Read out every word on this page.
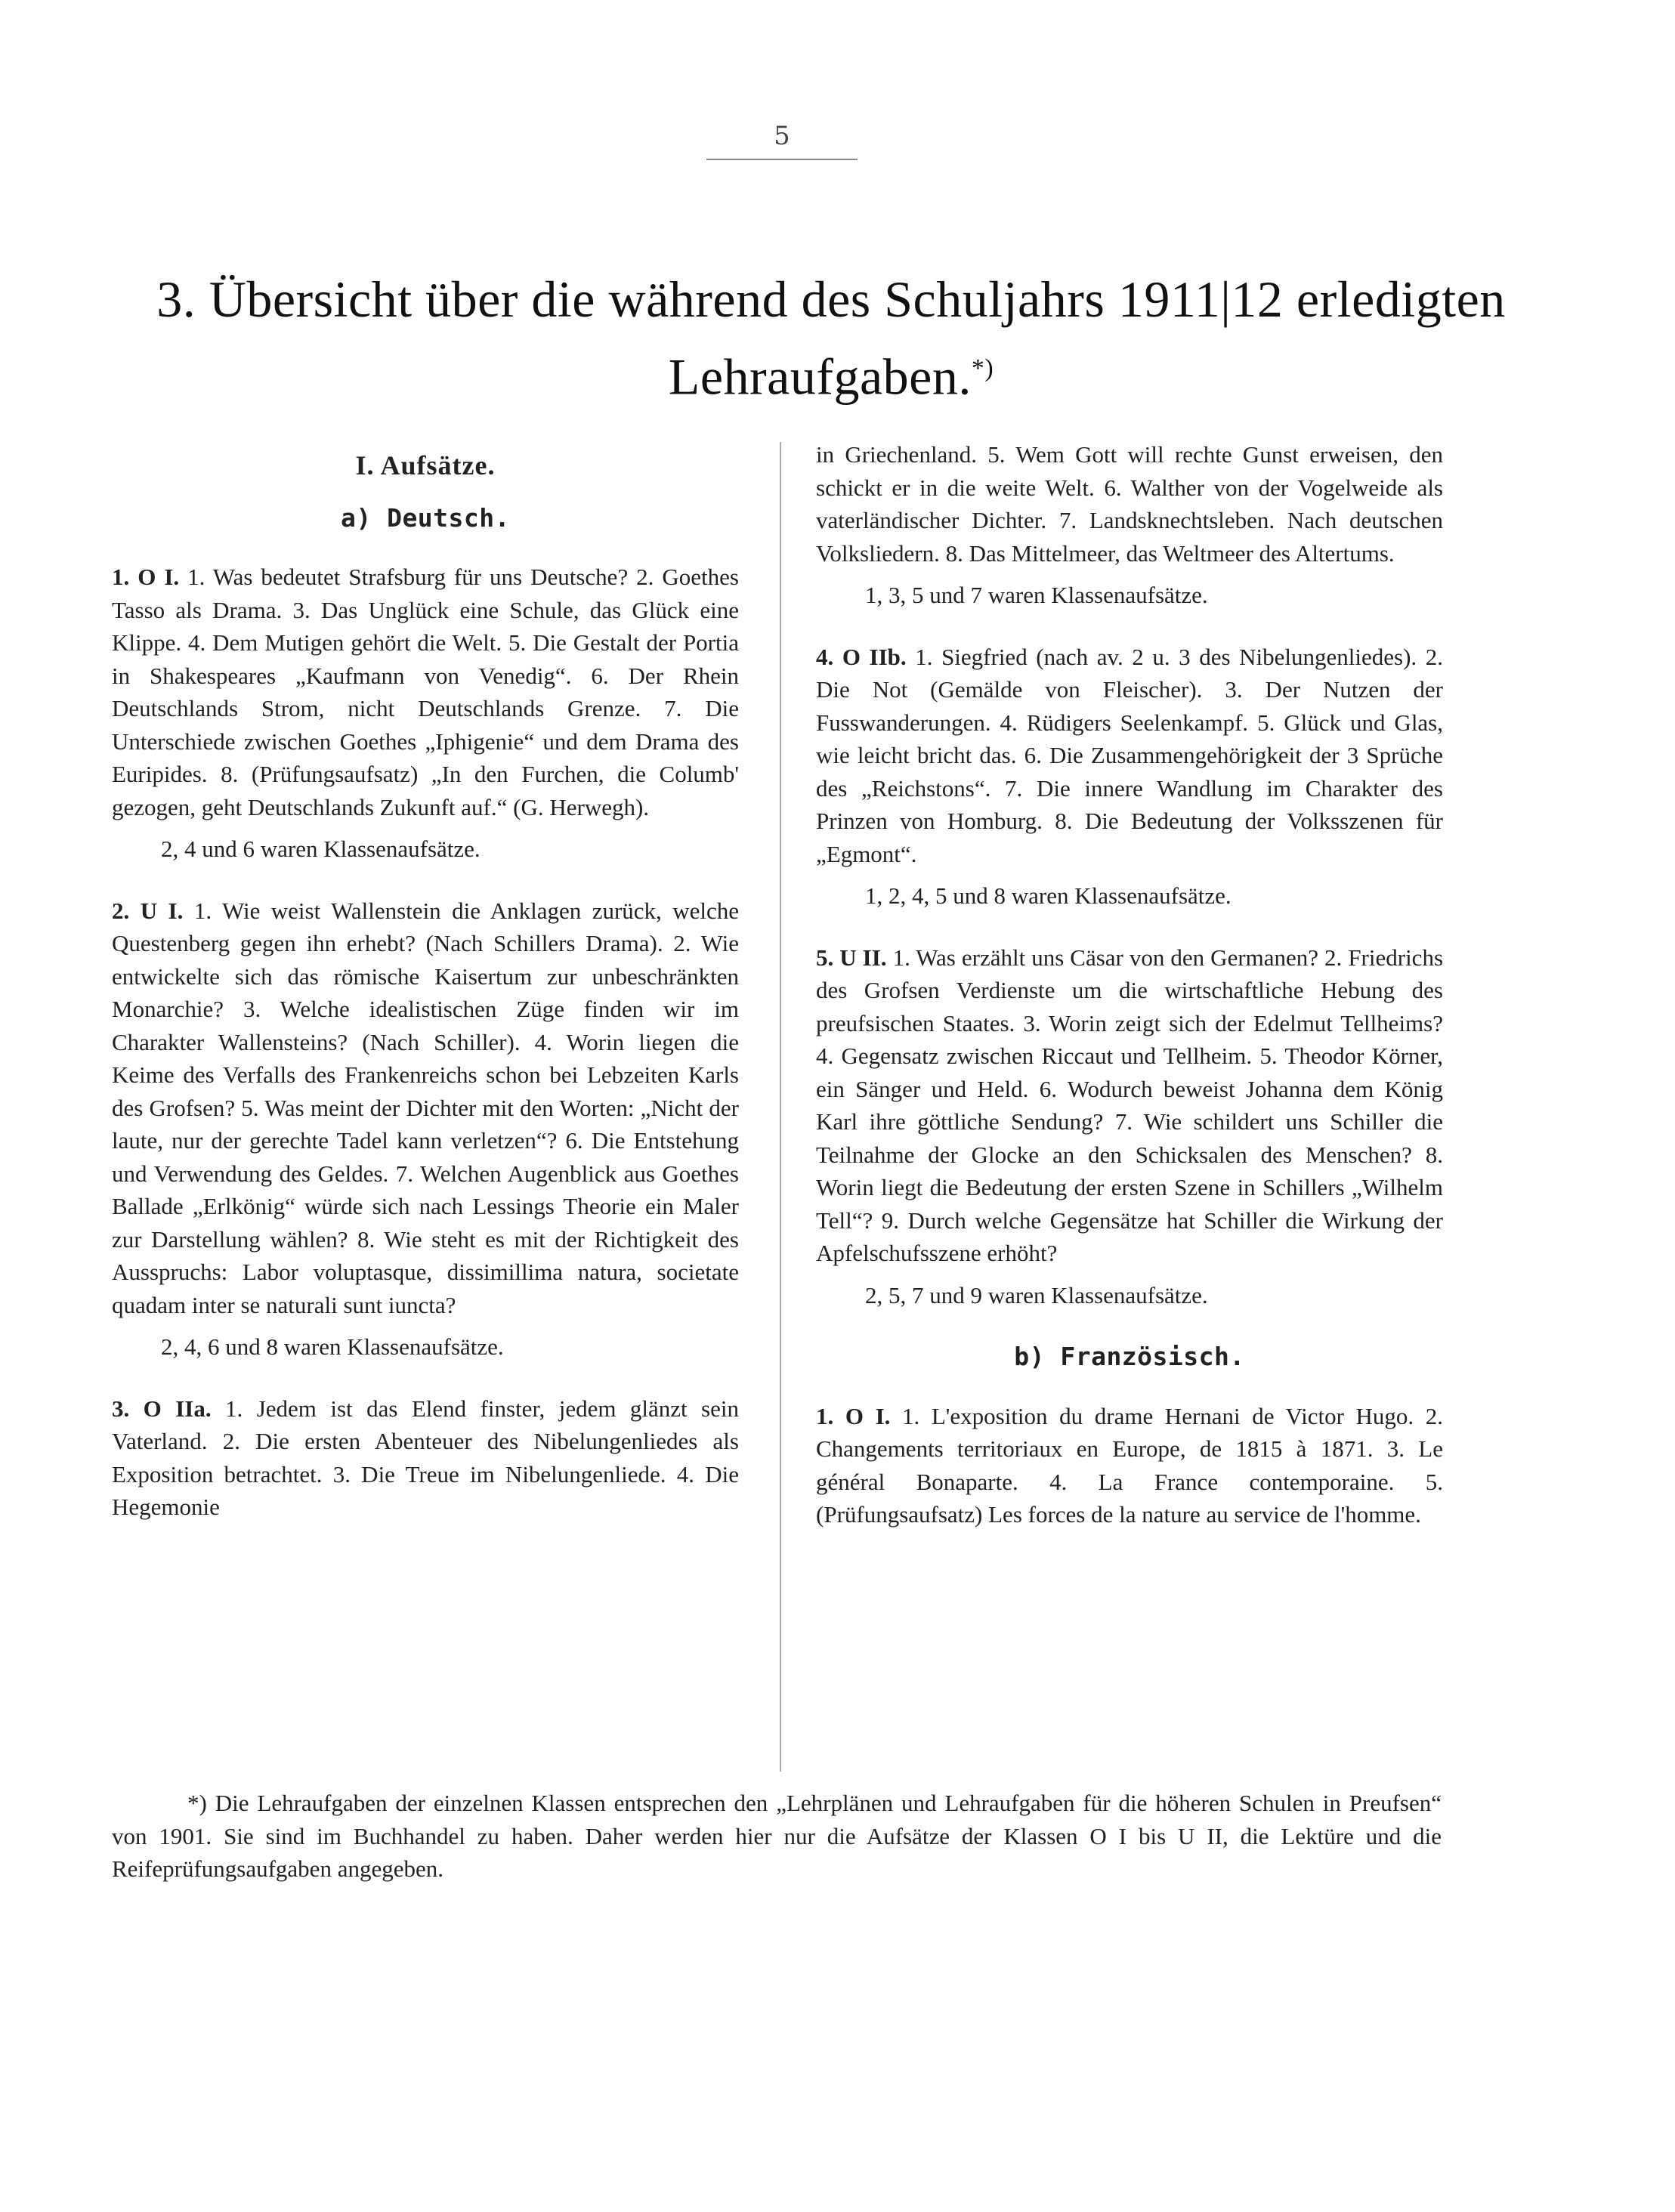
5
3. Übersicht über die während des Schuljahrs 1911|12 erledigten
Lehraufgaben.*)
I. Aufsätze.
a) Deutsch.

1. O I. 1. Was bedeutet Strafsburg für uns Deutsche? 2. Goethes Tasso als Drama. 3. Das Unglück eine Schule, das Glück eine Klippe. 4. Dem Mutigen gehört die Welt. 5. Die Gestalt der Portia in Shakespeares „Kaufmann von Venedig“. 6. Der Rhein Deutschlands Strom, nicht Deutschlands Grenze. 7. Die Unterschiede zwischen Goethes „Iphigenie“ und dem Drama des Euripides. 8. (Prüfungsaufsatz) „In den Furchen, die Columb' gezogen, geht Deutschlands Zukunft auf.“ (G. Herwegh).

2, 4 und 6 waren Klassenaufsätze.

2. U I. 1. Wie weist Wallenstein die Anklagen zurück, welche Questenberg gegen ihn erhebt? (Nach Schillers Drama). 2. Wie entwickelte sich das römische Kaisertum zur unbeschränkten Monarchie? 3. Welche idealistischen Züge finden wir im Charakter Wallensteins? (Nach Schiller). 4. Worin liegen die Keime des Verfalls des Frankenreichs schon bei Lebzeiten Karls des Grofsen? 5. Was meint der Dichter mit den Worten: „Nicht der laute, nur der gerechte Tadel kann verletzen“? 6. Die Entstehung und Verwendung des Geldes. 7. Welchen Augenblick aus Goethes Ballade „Erlkönig“ würde sich nach Lessings Theorie ein Maler zur Darstellung wählen? 8. Wie steht es mit der Richtigkeit des Ausspruchs: Labor voluptasque, dissimillima natura, societate quadam inter se naturali sunt iuncta?

2, 4, 6 und 8 waren Klassenaufsätze.

3. O IIa. 1. Jedem ist das Elend finster, jedem glänzt sein Vaterland. 2. Die ersten Abenteuer des Nibelungenliedes als Exposition betrachtet. 3. Die Treue im Nibelungenliede. 4. Die Hegemonie

in Griechenland. 5. Wem Gott will rechte Gunst erweisen, den schickt er in die weite Welt. 6. Walther von der Vogelweide als vaterländischer Dichter. 7. Landsknechtsleben. Nach deutschen Volksliedern. 8. Das Mittelmeer, das Weltmeer des Altertums.

1, 3, 5 und 7 waren Klassenaufsätze.

4. O IIb. 1. Siegfried (nach av. 2 u. 3 des Nibelungenliedes). 2. Die Not (Gemälde von Fleischer). 3. Der Nutzen der Fusswanderungen. 4. Rüdigers Seelenkampf. 5. Glück und Glas, wie leicht bricht das. 6. Die Zusammengehörigkeit der 3 Sprüche des „Reichstons“. 7. Die innere Wandlung im Charakter des Prinzen von Homburg. 8. Die Bedeutung der Volksszenen für „Egmont“.

1, 2, 4, 5 und 8 waren Klassenaufsätze.

5. U II. 1. Was erzählt uns Cäsar von den Germanen? 2. Friedrichs des Grofsen Verdienste um die wirtschaftliche Hebung des preufsischen Staates. 3. Worin zeigt sich der Edelmut Tellheims? 4. Gegensatz zwischen Riccaut und Tellheim. 5. Theodor Körner, ein Sänger und Held. 6. Wodurch beweist Johanna dem König Karl ihre göttliche Sendung? 7. Wie schildert uns Schiller die Teilnahme der Glocke an den Schicksalen des Menschen? 8. Worin liegt die Bedeutung der ersten Szene in Schillers „Wilhelm Tell“? 9. Durch welche Gegensätze hat Schiller die Wirkung der Apfelschufsszene erhöht?

2, 5, 7 und 9 waren Klassenaufsätze.
b) Französisch.

1. O I. 1. L'exposition du drame Hernani de Victor Hugo. 2. Changements territoriaux en Europe, de 1815 à 1871. 3. Le général Bonaparte. 4. La France contemporaine. 5. (Prüfungsaufsatz) Les forces de la nature au service de l'homme.

*) Die Lehraufgaben der einzelnen Klassen entsprechen den „Lehrplänen und Lehraufgaben für die höheren Schulen in Preufsen“ von 1901. Sie sind im Buchhandel zu haben. Daher werden hier nur die Aufsätze der Klassen O I bis U II, die Lektüre und die Reifeprüfungsaufgaben angegeben.
